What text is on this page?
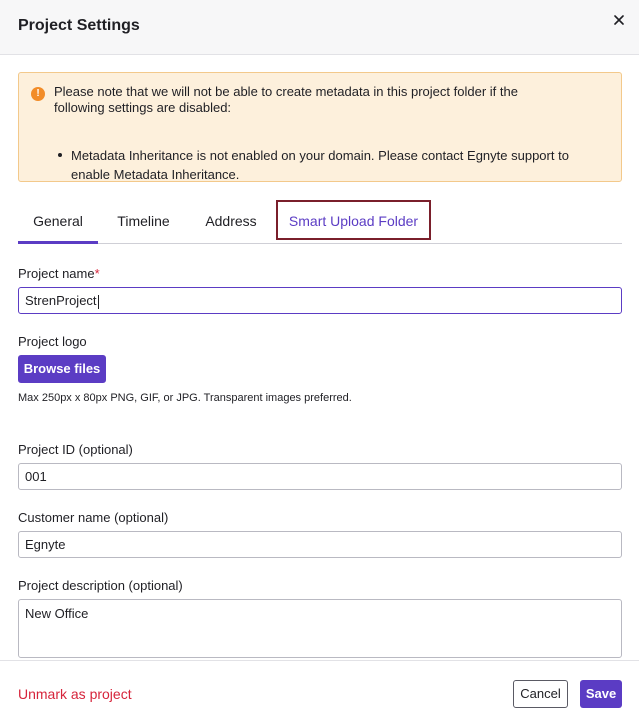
Project Settings
!	Please note that we will not be able to create metadata in this project folder if the
following settings are disabled:
Metadata Inheritance is not enabled on your domain. Please contact Egnyte support to
enable Metadata Inheritance.
General	Timeline	Address	Smart Upload Folder
Project name*
StrenProject
Project logo
Browse files
Max 250px x 80px PNG, GIF, or JPG. Transparent images preferred.
Project ID (optional)
001
Customer name (optional)
Egnyte
Project description (optional)
New Office
Unmark as project	Cancel	Save
